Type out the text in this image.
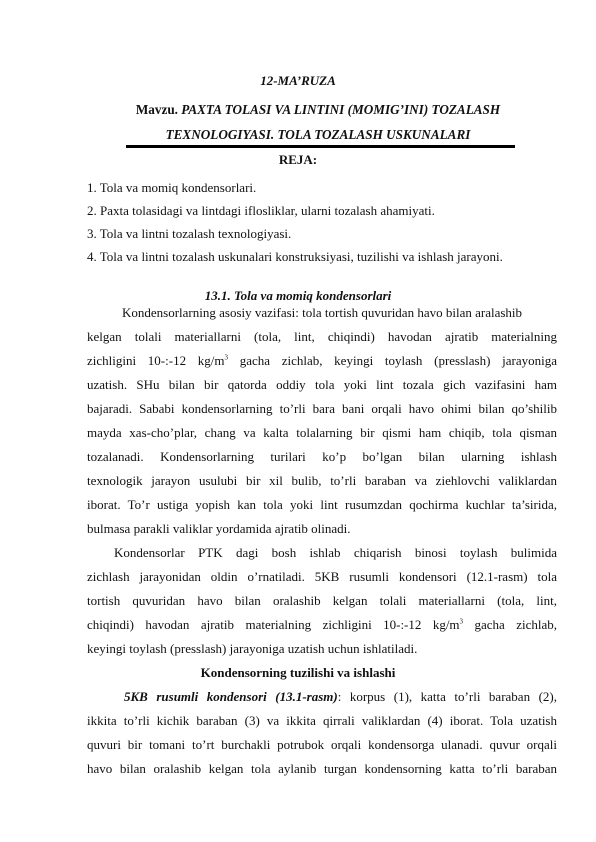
12-MA’RUZA
Mavzu. PAXTA TOLASI VA LINTINI (MOMIG’INI) TOZALASH
TEXNOLOGIYASI. TOLA TOZALASH USKUNALARI
REJA:
1. Tola va momiq kondensorlari.
2. Paxta tolasidagi va lintdagi iflosliklar, ularni tozalash ahamiyati.
3. Tola va lintni tozalash texnologiyasi.
4. Tola va lintni tozalash uskunalari konstruksiyasi, tuzilishi va ishlash jarayoni.
13.1. Tola va momiq kondensorlari
Kondensorlarning asosiy vazifasi: tola tortish quvuridan havo bilan aralashib
kelgan tolali materiallarni (tola, lint, chiqindi) havodan ajratib materialning
zichligini 10-:-12 $kg/m^3$ gacha zichlab, keyingi toylash (presslash) jarayoniga
uzatish. SHu bilan bir qatorda oddiy tola yoki lint tozala gich vazifasini ham
bajaradi. Sababi kondensorlarning to’rli bara bani orqali havo ohimi bilan qo’shilib
mayda xas-cho’plar, chang va kalta tolalarning bir qismi ham chiqib, tola qisman
tozalanadi. Kondensorlarning turilari ko’p bo’lgan bilan ularning ishlash
texnologik jarayon usulubi bir xil bulib, to’rli baraban va ziehlovchi valiklardan
iborat. To’r ustiga yopish kan tola yoki lint rusumzdan qochirma kuchlar ta’sirida,
bulmasa parakli valiklar yordamida ajratib olinadi.
Kondensorlar PTK dagi bosh ishlab chiqarish binosi toylash bulimida
zichlash jarayonidan oldin o’rnatiladi. 5KB rusumli kondensori (12.1-rasm) tola
tortish quvuridan havo bilan oralashib kelgan tolali materiallarni (tola, lint,
chiqindi) havodan ajratib materialning zichligini 10-:-12 $kg/m^3$ gacha zichlab,
keyingi toylash (presslash) jarayoniga uzatish uchun ishlatiladi.
Kondensorning tuzilishi va ishlashi
5KB rusumli kondensori (13.1-rasm): korpus (1), katta to’rli baraban (2),
ikkita to’rli kichik baraban (3) va ikkita qirrali valiklardan (4) iborat. Tola uzatish
quvuri bir tomani to’rt burchakli potrubok orqali kondensorga ulanadi. quvur orqali
havo bilan oralashib kelgan tola aylanib turgan kondensorning katta to’rli baraban
